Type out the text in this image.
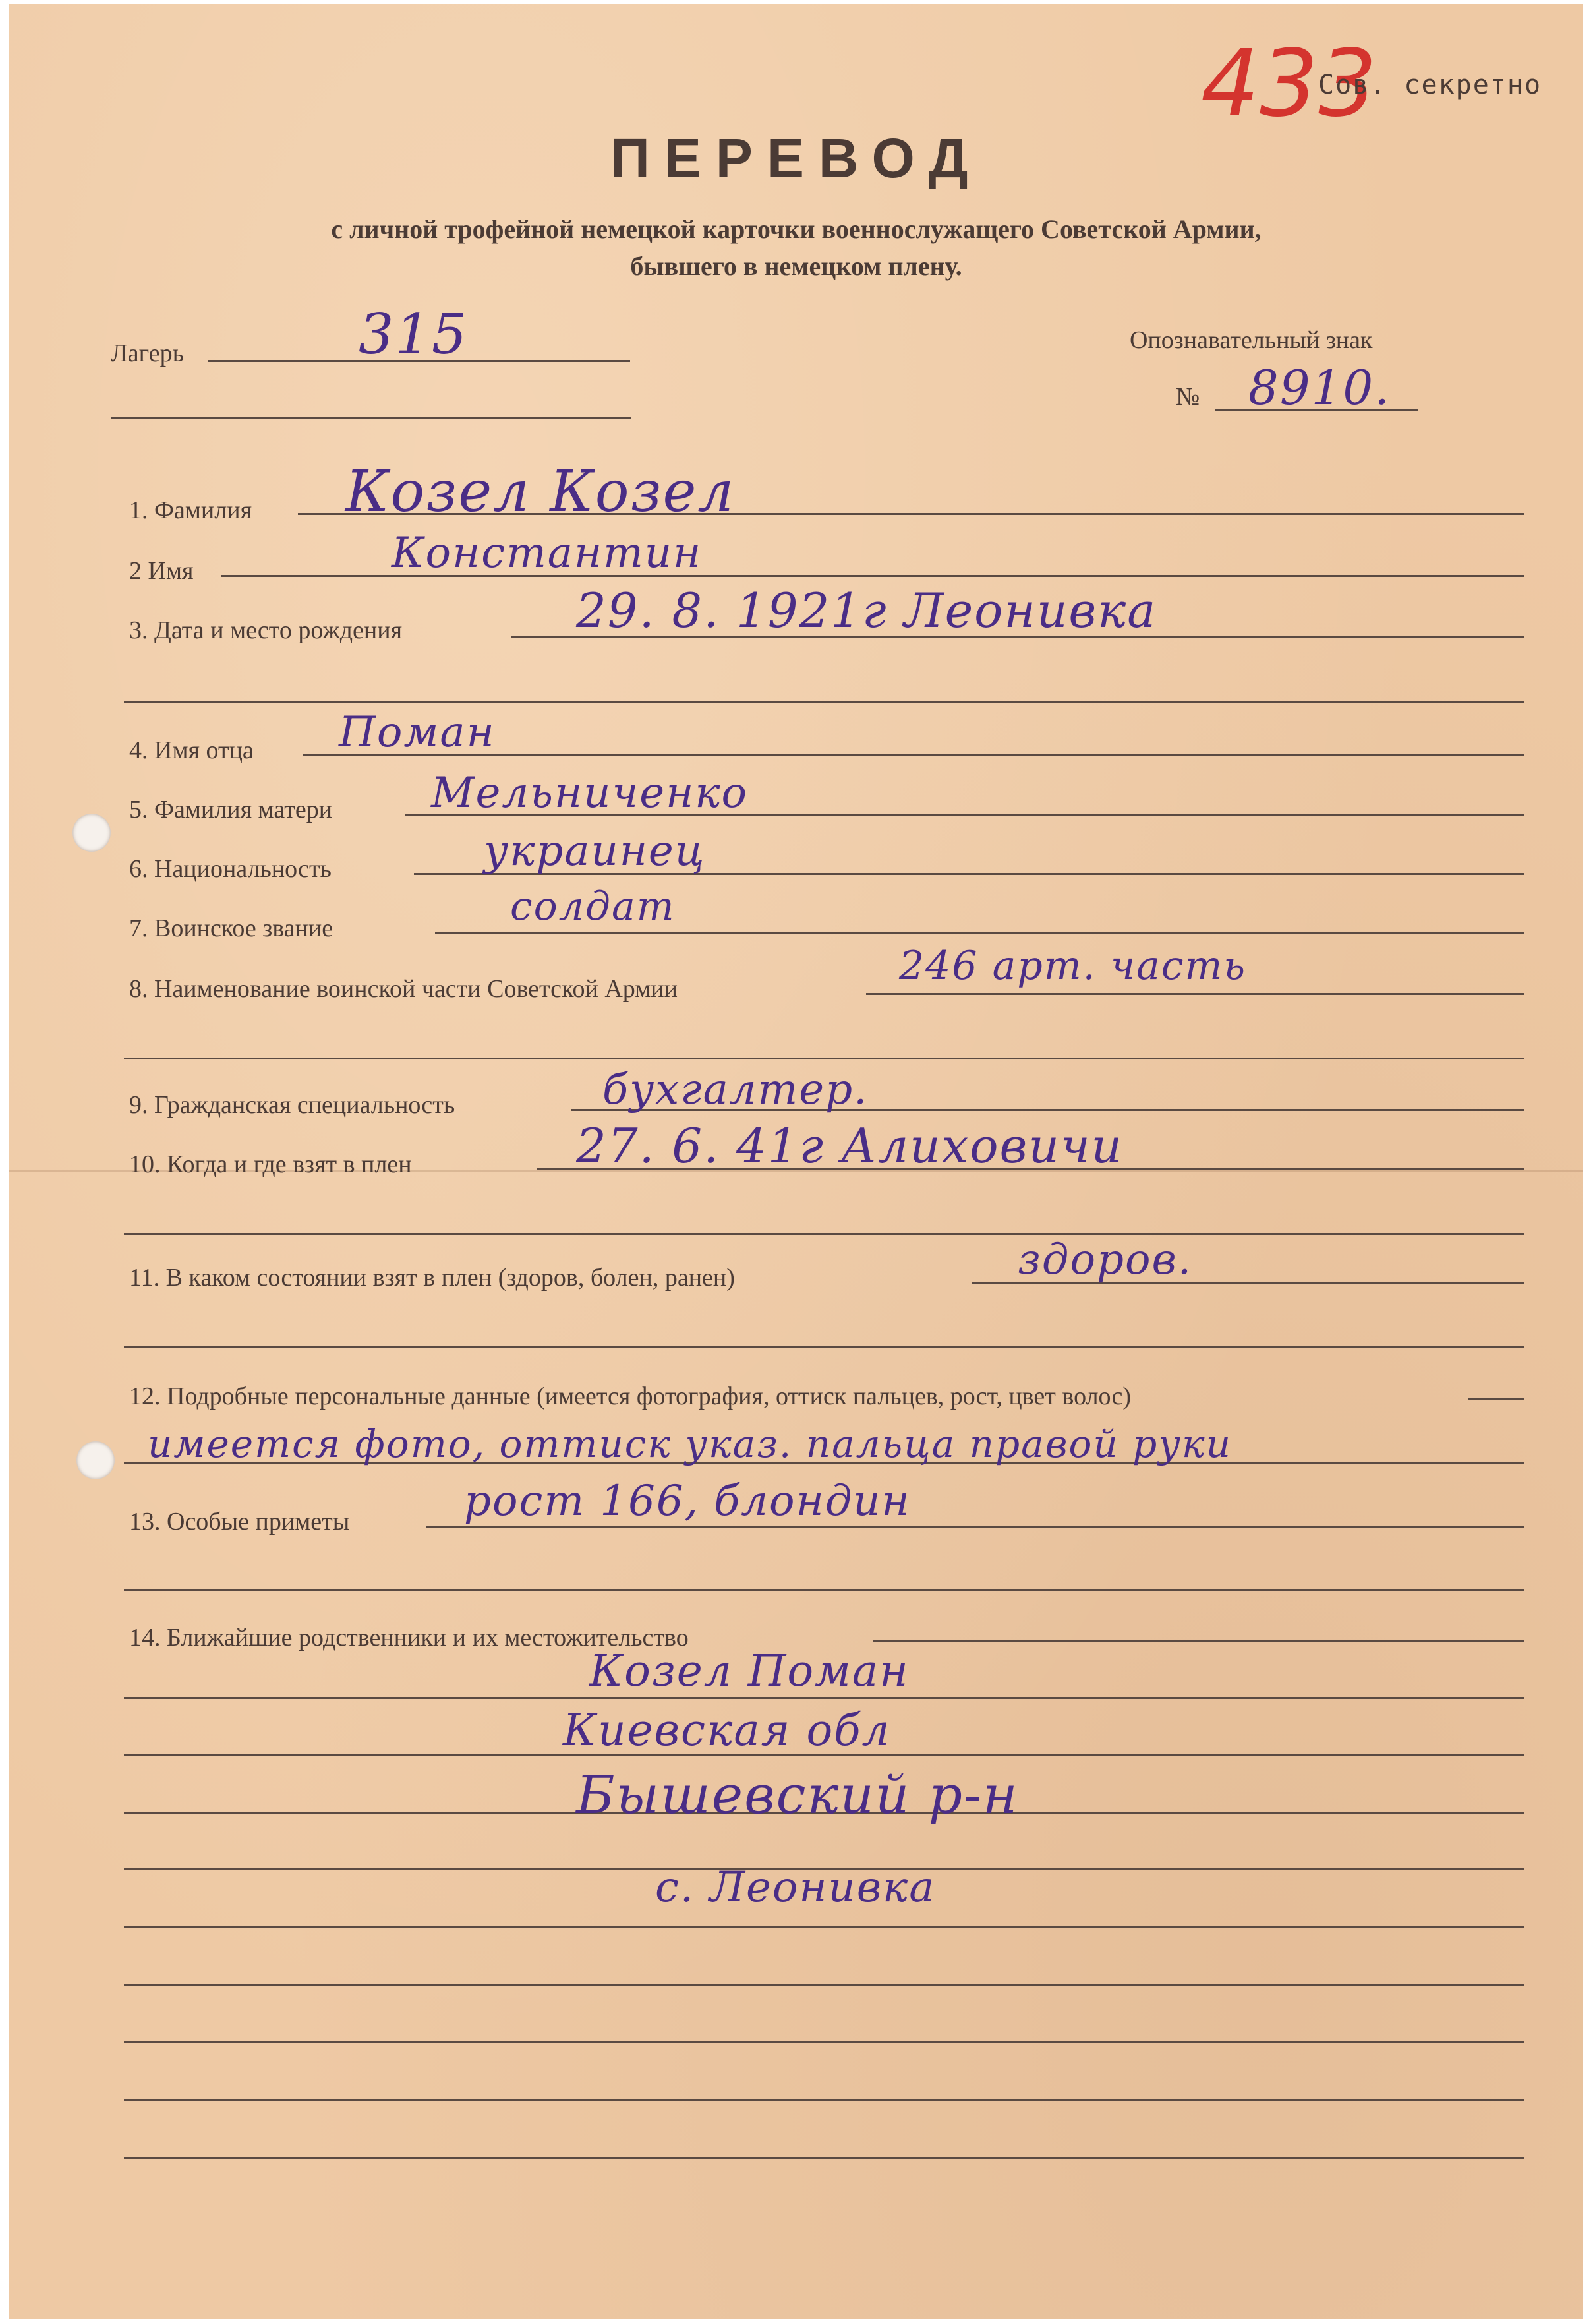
433
Сов. секретно
ПЕРЕВОД
с личной трофейной немецкой карточки военнослужащего Советской Армии,
бывшего в немецком плену.
Лагерь	315	Опознавательный знак
№ 8910.
1. Фамилия Козел Козел
2 Имя	Константин
3. Дата и место рождения	29. 8. 1921г Леонивка
4. Имя отца Поман
5. Фамилия матери Мельниченко
6. Национальность	украинец
7. Воинское звание	солдат
8. Наименование воинской части Советской Армии	246 арт. часть
9. Гражданская специальность	бухгалтер.
10. Когда и где взят в плен	27. 6. 41г Алиховичи
11. В каком состоянии взят в плен (здоров, болен, ранен)	здоров.
12. Подробные персональные данные (имеется фотография, оттиск пальцев, рост, цвет волос)
имеется фото, оттиск указ. пальца правой руки
13. Особые приметы	рост 166, блондин
14. Ближайшие родственники и их местожительство
Козел Поман
Киевская обл
Бышевский р-н
с. Леонивка
